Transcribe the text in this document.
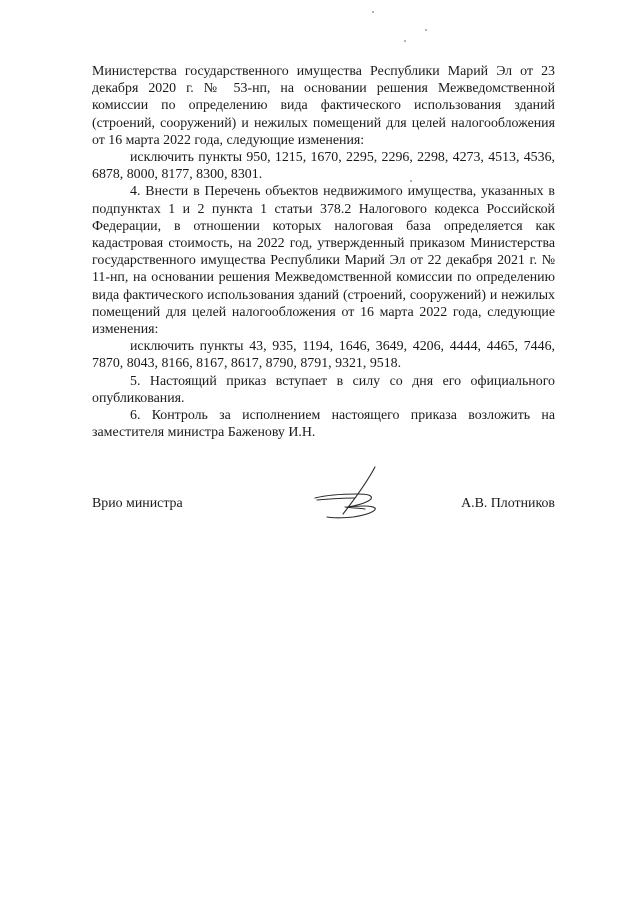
Министерства государственного имущества Республики Марий Эл от 23 декабря 2020 г. № 53-нп, на основании решения Межведомственной комиссии по определению вида фактического использования зданий (строений, сооружений) и нежилых помещений для целей налогообложения от 16 марта 2022 года, следующие изменения:

исключить пункты 950, 1215, 1670, 2295, 2296, 2298, 4273, 4513, 4536, 6878, 8000, 8177, 8300, 8301.

4. Внести в Перечень объектов недвижимого имущества, указанных в подпунктах 1 и 2 пункта 1 статьи 378.2 Налогового кодекса Российской Федерации, в отношении которых налоговая база определяется как кадастровая стоимость, на 2022 год, утвержденный приказом Министерства государственного имущества Республики Марий Эл от 22 декабря 2021 г. № 11-нп, на основании решения Межведомственной комиссии по определению вида фактического использования зданий (строений, сооружений) и нежилых помещений для целей налогообложения от 16 марта 2022 года, следующие изменения:

исключить пункты 43, 935, 1194, 1646, 3649, 4206, 4444, 4465, 7446, 7870, 8043, 8166, 8167, 8617, 8790, 8791, 9321, 9518.

5. Настоящий приказ вступает в силу со дня его официального опубликования.

6. Контроль за исполнением настоящего приказа возложить на заместителя министра Баженову И.Н.

Врио министра	А.В. Плотников
